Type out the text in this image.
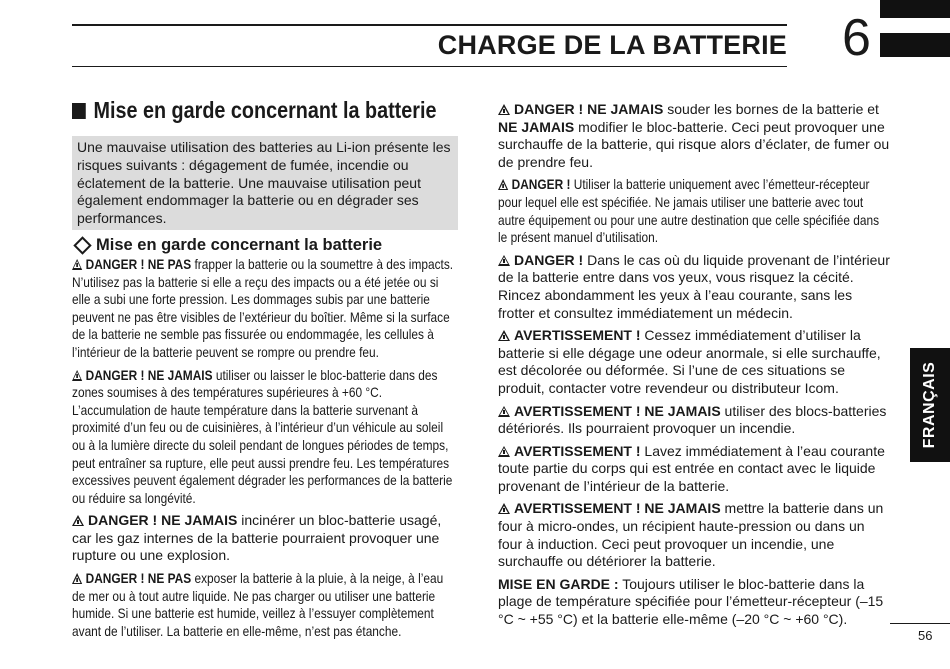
CHARGE DE LA BATTERIE 6
FRANÇAIS
Mise en garde concernant la batterie
Une mauvaise utilisation des batteries au Li-ion présente les risques suivants : dégagement de fumée, incendie ou éclatement de la batterie. Une mauvaise utilisation peut également endommager la batterie ou en dégrader ses performances.
Mise en garde concernant la batterie
DANGER ! NE PAS frapper la batterie ou la soumettre à des impacts. N’utilisez pas la batterie si elle a reçu des impacts ou a été jetée ou si elle a subi une forte pression. Les dommages subis par une batterie peuvent ne pas être visibles de l’extérieur du boîtier. Même si la surface de la batterie ne semble pas fissurée ou endommagée, les cellules à l’intérieur de la batterie peuvent se rompre ou prendre feu.
DANGER ! NE JAMAIS utiliser ou laisser le bloc-batterie dans des zones soumises à des températures supérieures à +60 °C. L’accumulation de haute température dans la batterie survenant à proximité d’un feu ou de cuisinières, à l’intérieur d’un véhicule au soleil ou à la lumière directe du soleil pendant de longues périodes de temps, peut entraîner sa rupture, elle peut aussi prendre feu. Les températures excessives peuvent également dégrader les performances de la batterie ou réduire sa longévité.
DANGER ! NE JAMAIS incinérer un bloc-batterie usagé, car les gaz internes de la batterie pourraient provoquer une rupture ou une explosion.
DANGER ! NE PAS exposer la batterie à la pluie, à la neige, à l’eau de mer ou à tout autre liquide. Ne pas charger ou utiliser une batterie humide. Si une batterie est humide, veillez à l’essuyer complètement avant de l’utiliser. La batterie en elle-même, n’est pas étanche.
DANGER ! NE JAMAIS souder les bornes de la batterie et NE JAMAIS modifier le bloc-batterie. Ceci peut provoquer une surchauffe de la batterie, qui risque alors d’éclater, de fumer ou de prendre feu.
DANGER ! Utiliser la batterie uniquement avec l’émetteur-récepteur pour lequel elle est spécifiée. Ne jamais utiliser une batterie avec tout autre équipement ou pour une autre destination que celle spécifiée dans le présent manuel d’utilisation.
DANGER ! Dans le cas où du liquide provenant de l’intérieur de la batterie entre dans vos yeux, vous risquez la cécité. Rincez abondamment les yeux à l’eau courante, sans les frotter et consultez immédiatement un médecin.
AVERTISSEMENT ! Cessez immédiatement d’utiliser la batterie si elle dégage une odeur anormale, si elle surchauffe, est décolorée ou déformée. Si l’une de ces situations se produit, contacter votre revendeur ou distributeur Icom.
AVERTISSEMENT ! NE JAMAIS utiliser des blocs-batteries détériorés. Ils pourraient provoquer un incendie.
AVERTISSEMENT ! Lavez immédiatement à l’eau courante toute partie du corps qui est entrée en contact avec le liquide provenant de l’intérieur de la batterie.
AVERTISSEMENT ! NE JAMAIS mettre la batterie dans un four à micro-ondes, un récipient haute-pression ou dans un four à induction. Ceci peut provoquer un incendie, une surchauffe ou détériorer la batterie.
MISE EN GARDE : Toujours utiliser le bloc-batterie dans la plage de température spécifiée pour l’émetteur-récepteur (–15 °C ~ +55 °C) et la batterie elle-même (–20 °C ~ +60 °C).
56
